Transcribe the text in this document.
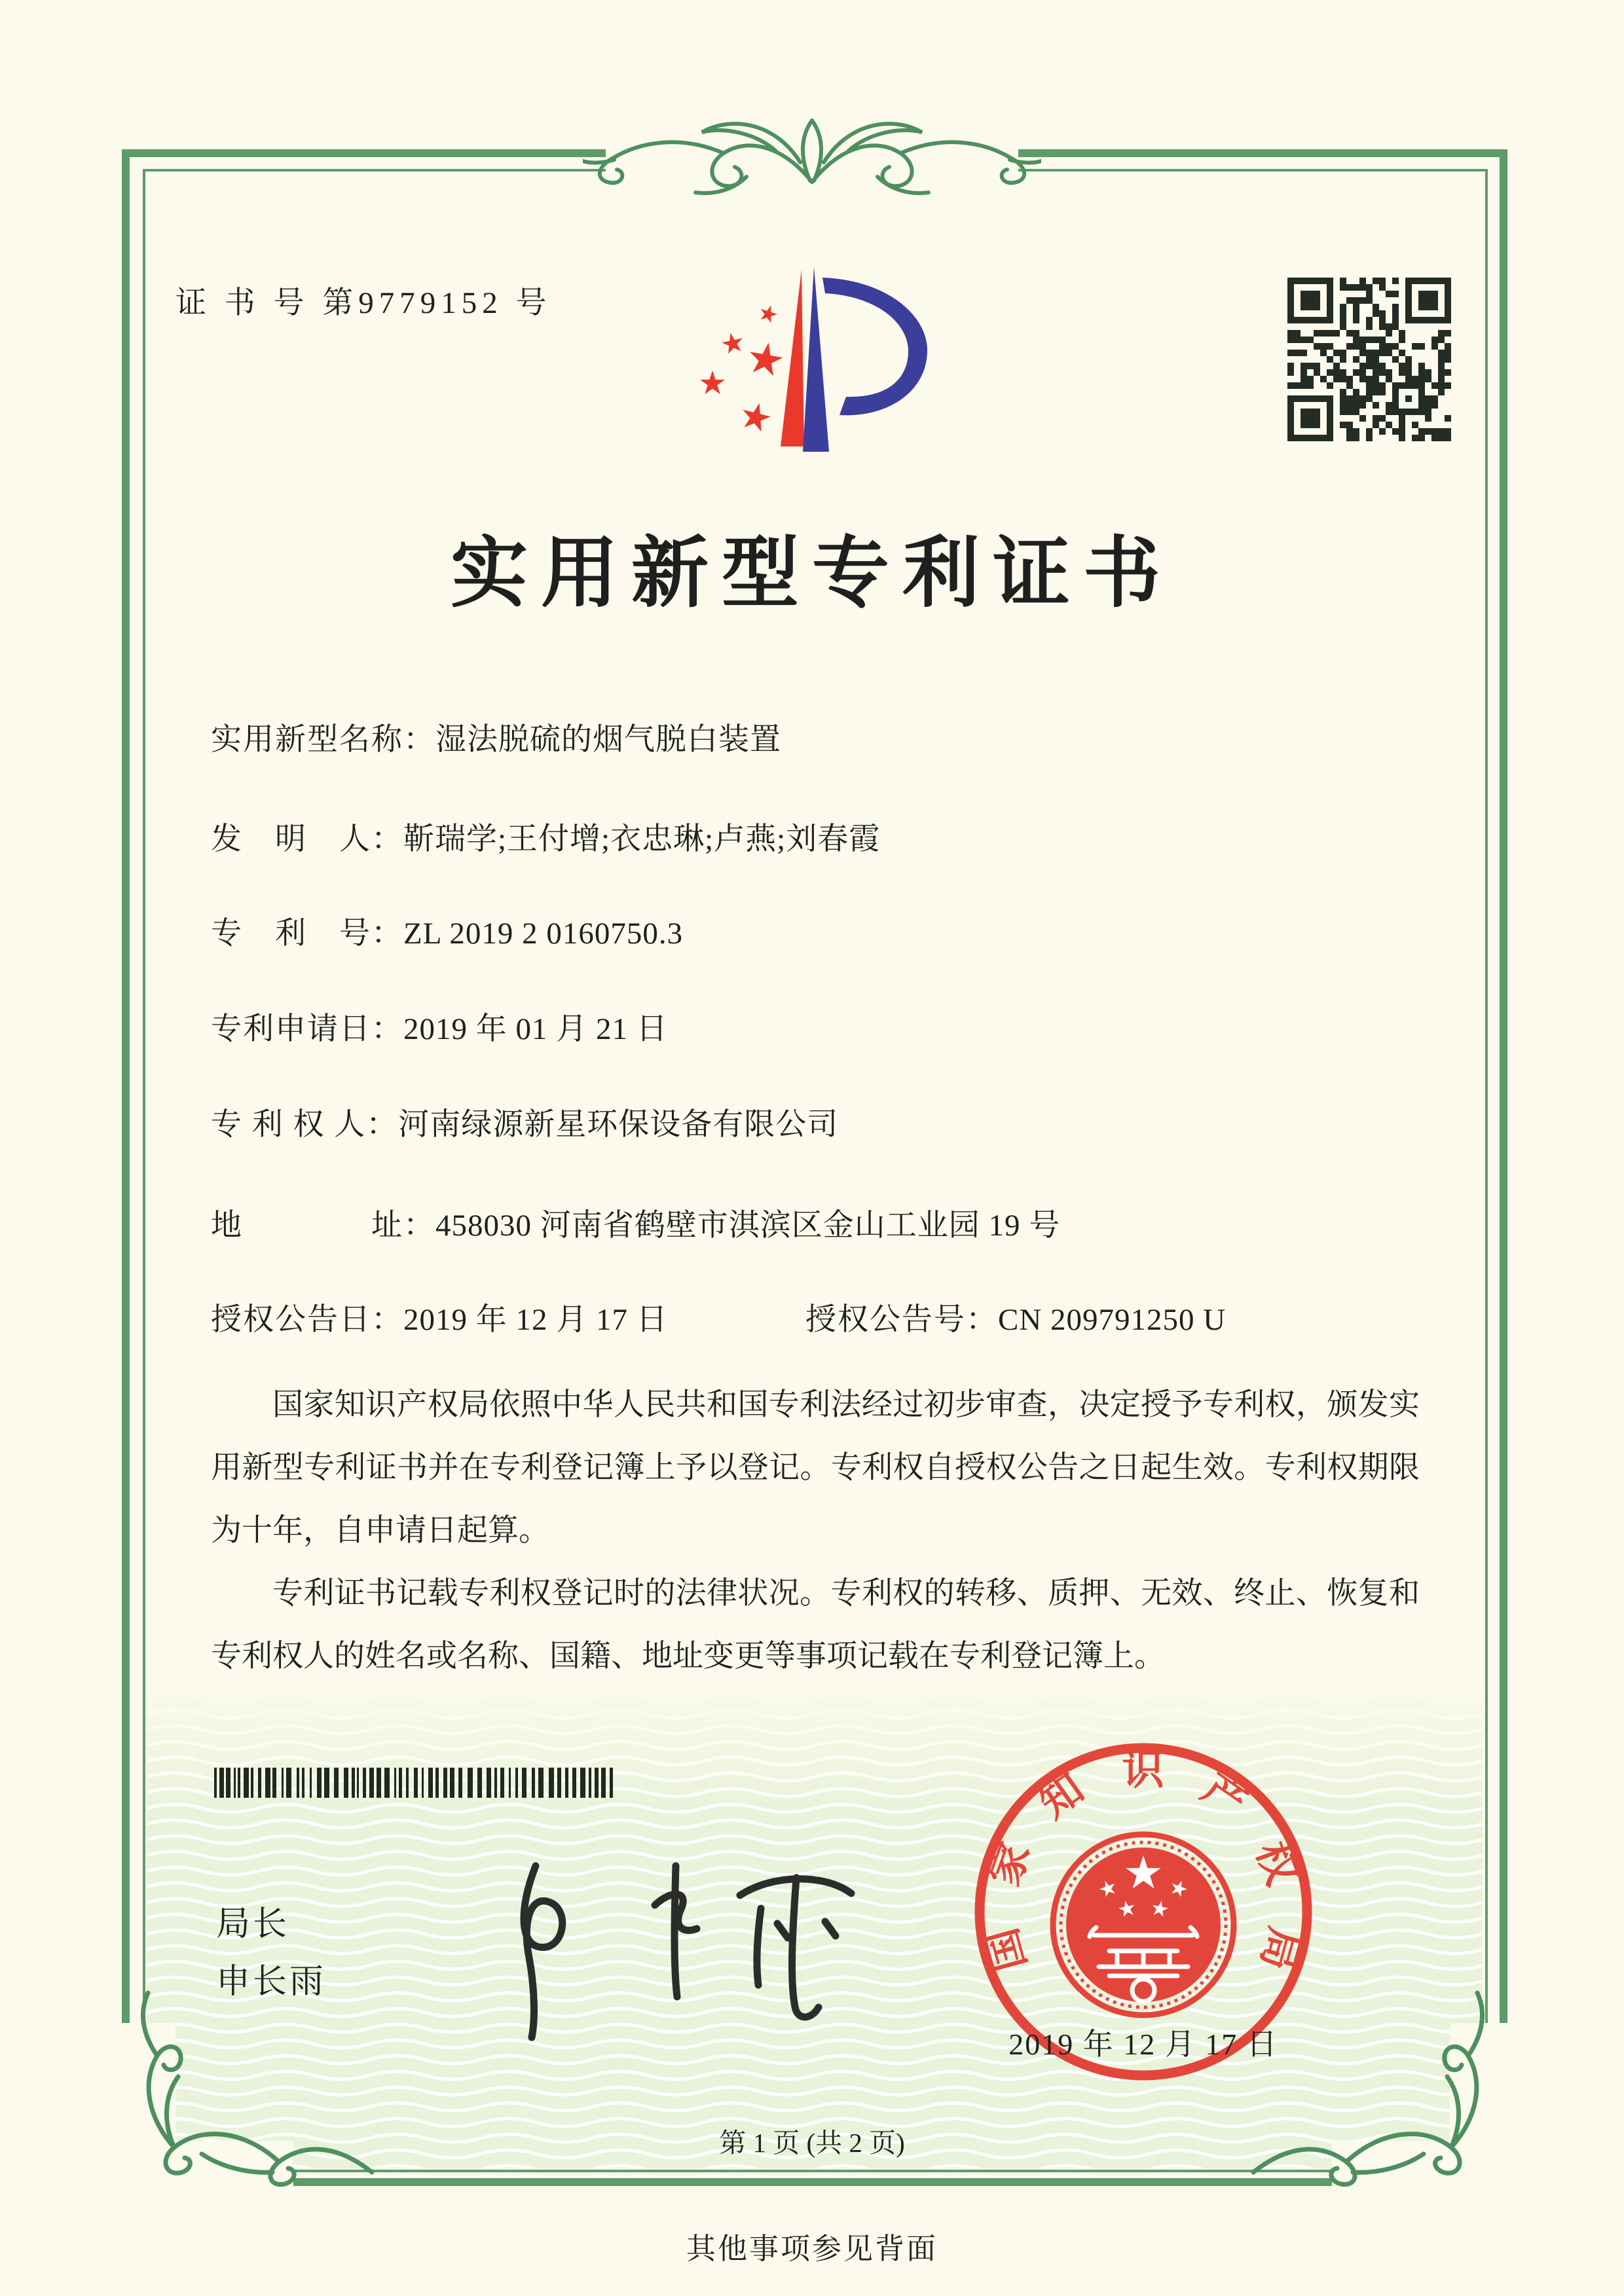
证 书 号 第9779152 号
实用新型专利证书
实用新型名称：湿法脱硫的烟气脱白装置
发　明　人：靳瑞学;王付增;衣忠琳;卢燕;刘春霞
专　利　号：ZL 2019 2 0160750.3
专利申请日：2019 年 01 月 21 日
专 利 权 人：河南绿源新星环保设备有限公司
地　　　　址：458030 河南省鹤壁市淇滨区金山工业园 19 号
授权公告日：2019 年 12 月 17 日	授权公告号：CN 209791250 U

国家知识产权局依照中华人民共和国专利法经过初步审查，决定授予专利权，颁发实用新型专利证书并在专利登记簿上予以登记。专利权自授权公告之日起生效。专利权期限为十年，自申请日起算。

专利证书记载专利权登记时的法律状况。专利权的转移、质押、无效、终止、恢复和专利权人的姓名或名称、国籍、地址变更等事项记载在专利登记簿上。

局长
申长雨
国家知识产权局
2019 年 12 月 17 日
第 1 页 (共 2 页)
其他事项参见背面
